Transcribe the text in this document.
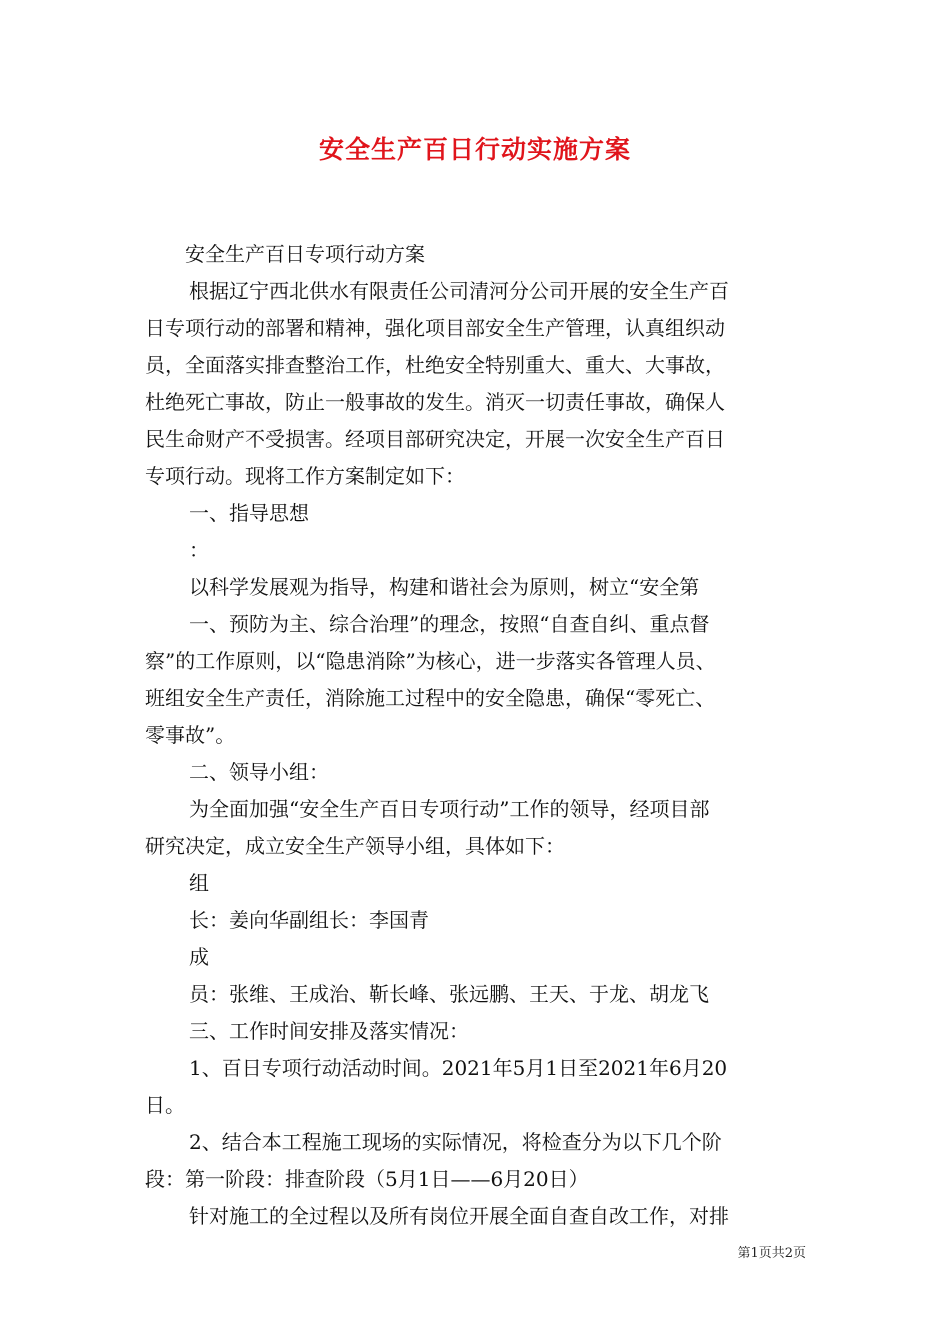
安全生产百日行动实施方案
安全生产百日专项行动方案
根据辽宁西北供水有限责任公司清河分公司开展的安全生产百
日专项行动的部署和精神，强化项目部安全生产管理，认真组织动
员，全面落实排查整治工作，杜绝安全特别重大、重大、大事故，
杜绝死亡事故，防止一般事故的发生。消灭一切责任事故，确保人
民生命财产不受损害。经项目部研究决定，开展一次安全生产百日
专项行动。现将工作方案制定如下：
一、指导思想
：
以科学发展观为指导，构建和谐社会为原则，树立“安全第
一、预防为主、综合治理”的理念，按照“自查自纠、重点督
察”的工作原则，以“隐患消除”为核心，进一步落实各管理人员、
班组安全生产责任，消除施工过程中的安全隐患，确保“零死亡、
零事故”。
二、领导小组：
为全面加强“安全生产百日专项行动”工作的领导，经项目部
研究决定，成立安全生产领导小组，具体如下：
组
长：姜向华副组长：李国青
成
员：张维、王成治、靳长峰、张远鹏、王天、于龙、胡龙飞
三、工作时间安排及落实情况：
1、百日专项行动活动时间。2021年5月1日至2021年6月20
日。
2、结合本工程施工现场的实际情况，将检查分为以下几个阶
段：第一阶段：排查阶段（5月1日——6月20日）
针对施工的全过程以及所有岗位开展全面自查自改工作，对排
第1页共2页
